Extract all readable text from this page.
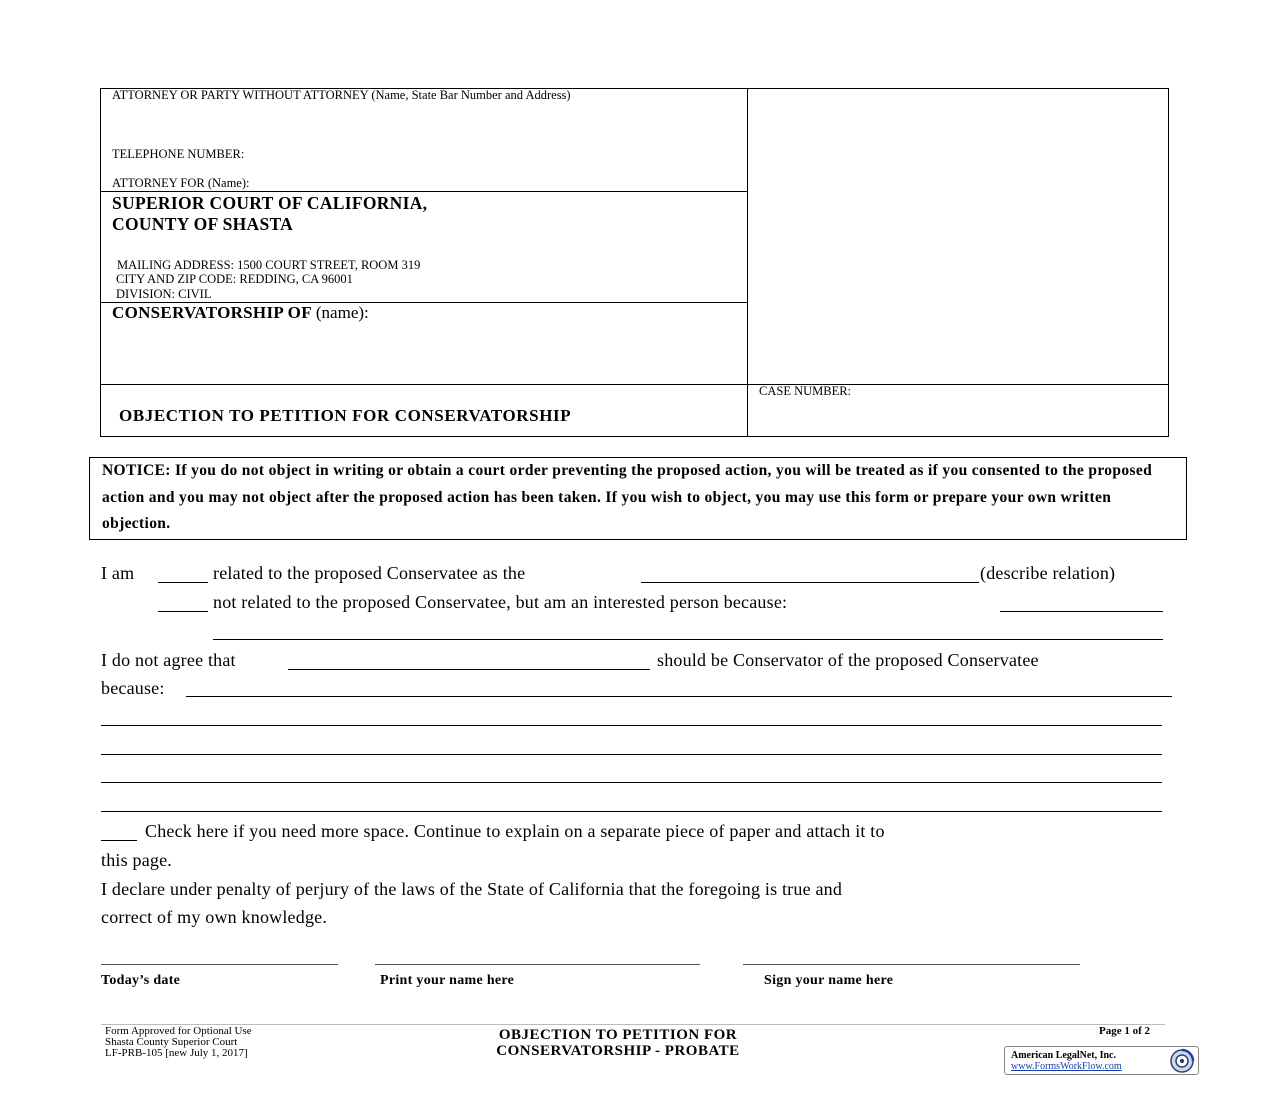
ATTORNEY OR PARTY WITHOUT ATTORNEY (Name, State Bar Number and Address)
TELEPHONE NUMBER:
ATTORNEY FOR (Name):
SUPERIOR COURT OF CALIFORNIA,
COUNTY OF SHASTA
MAILING ADDRESS: 1500 COURT STREET, ROOM 319
CITY AND ZIP CODE: REDDING, CA 96001
DIVISION: CIVIL
CONSERVATORSHIP OF (name):
OBJECTION TO PETITION FOR CONSERVATORSHIP
CASE NUMBER:

NOTICE: If you do not object in writing or obtain a court order preventing the proposed action, you will be treated as if you consented to the proposed action and you may not object after the proposed action has been taken. If you wish to object, you may use this form or prepare your own written objection.

I am	related to the proposed Conservatee as the	(describe relation)
not related to the proposed Conservatee, but am an interested person because:
I do not agree that	should be Conservator of the proposed Conservatee
because:
Check here if you need more space. Continue to explain on a separate piece of paper and attach it to
this page.
I declare under penalty of perjury of the laws of the State of California that the foregoing is true and
correct of my own knowledge.
Today’s date	Print your name here	Sign your name here
Form Approved for Optional Use
Shasta County Superior Court
LF-PRB-105 [new July 1, 2017]
OBJECTION TO PETITION FOR
CONSERVATORSHIP - PROBATE
Page 1 of 2
American LegalNet, Inc.
www.FormsWorkFlow.com
